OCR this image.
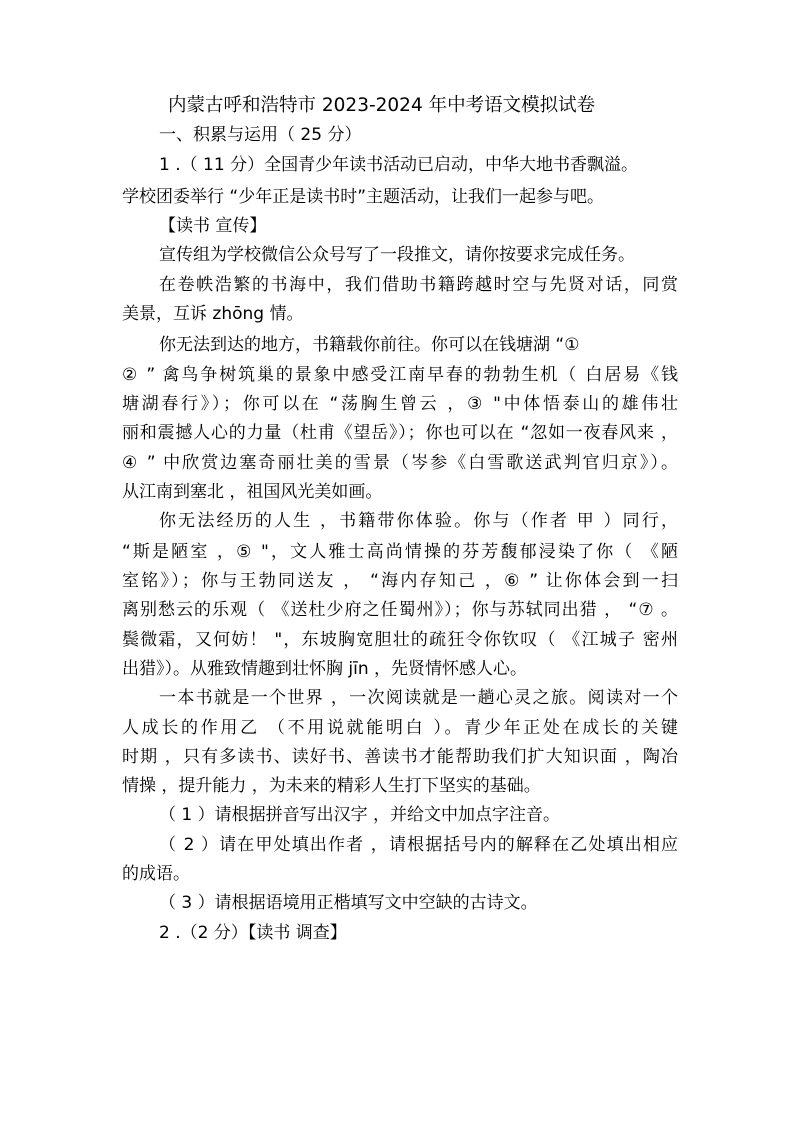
内蒙古呼和浩特市 2023-2024 年中考语文模拟试卷
一、积累与运用（ 25 分）
1 .（ 11 分）全国青少年读书活动已启动，中华大地书香飘溢。
学校团委举行 “少年正是读书时”主题活动，让我们一起参与吧。
【读书 宣传】
宣传组为学校微信公众号写了一段推文，请你按要求完成任务。
在卷帙浩繁的书海中，我们借助书籍跨越时空与先贤对话，同赏
美景，互诉 zhōng 情。
你无法到达的地方，书籍载你前往。你可以在钱塘湖 “①
② ” 禽鸟争树筑巢的景象中感受江南早春的勃勃生机（ 白居易《钱
塘湖春行》）；你可以在 “荡胸生曾云 ，③ "中体悟泰山的雄伟壮
丽和震撼人心的力量（杜甫《望岳》）；你也可以在 “忽如一夜春风来 ，
④ ” 中欣赏边塞奇丽壮美的雪景（岑参《白雪歌送武判官归京》）。
从江南到塞北 ，祖国风光美如画。
你无法经历的人生 ，书籍带你体验。你与（作者 甲 ）同行，
“斯是陋室 ，⑤ "，文人雅士高尚情操的芬芳馥郁浸染了你（ 《陋
室铭》）；你与王勃同送友 ， “海内存知己 ，⑥ ” 让你体会到一扫
离别愁云的乐观（ 《送杜少府之任蜀州》）；你与苏轼同出猎 ， “⑦ 。
鬓微霜，又何妨！ "，东坡胸宽胆壮的疏狂令你钦叹（ 《江城子 密州
出猎》）。从雅致情趣到壮怀胸 jīn ，先贤情怀感人心。
一本书就是一个世界 ，一次阅读就是一趟心灵之旅。阅读对一个
人成长的作用乙 （不用说就能明白 ）。青少年正处在成长的关键
时期 ，只有多读书、读好书、善读书才能帮助我们扩大知识面 ，陶冶
情操 ，提升能力 ，为未来的精彩人生打下坚实的基础。
（ 1 ）请根据拼音写出汉字 ，并给文中加点字注音。
（ 2 ）请在甲处填出作者 ，请根据括号内的解释在乙处填出相应
的成语。
（ 3 ）请根据语境用正楷填写文中空缺的古诗文。
2 .（2 分）【读书 调查】
